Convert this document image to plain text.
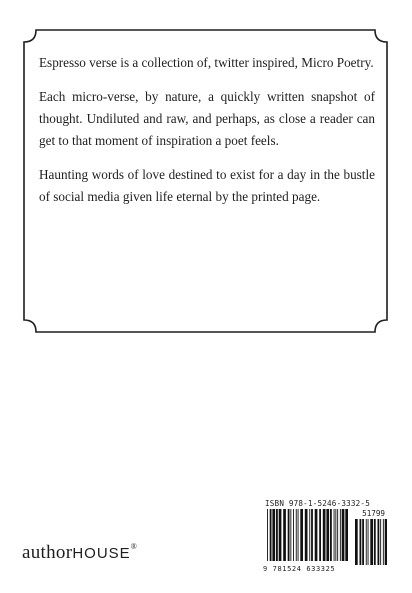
Espresso verse is a collection of, twitter inspired, Micro Poetry.

Each micro-verse, by nature, a quickly written snapshot of thought. Undiluted and raw, and perhaps, as close a reader can get to that moment of inspiration a poet feels.

Haunting words of love destined to exist for a day in the bustle of social media given life eternal by the printed page.

authorHOUSE®
ISBN 978-1-5246-3332-5
51799
9 781524 633325
